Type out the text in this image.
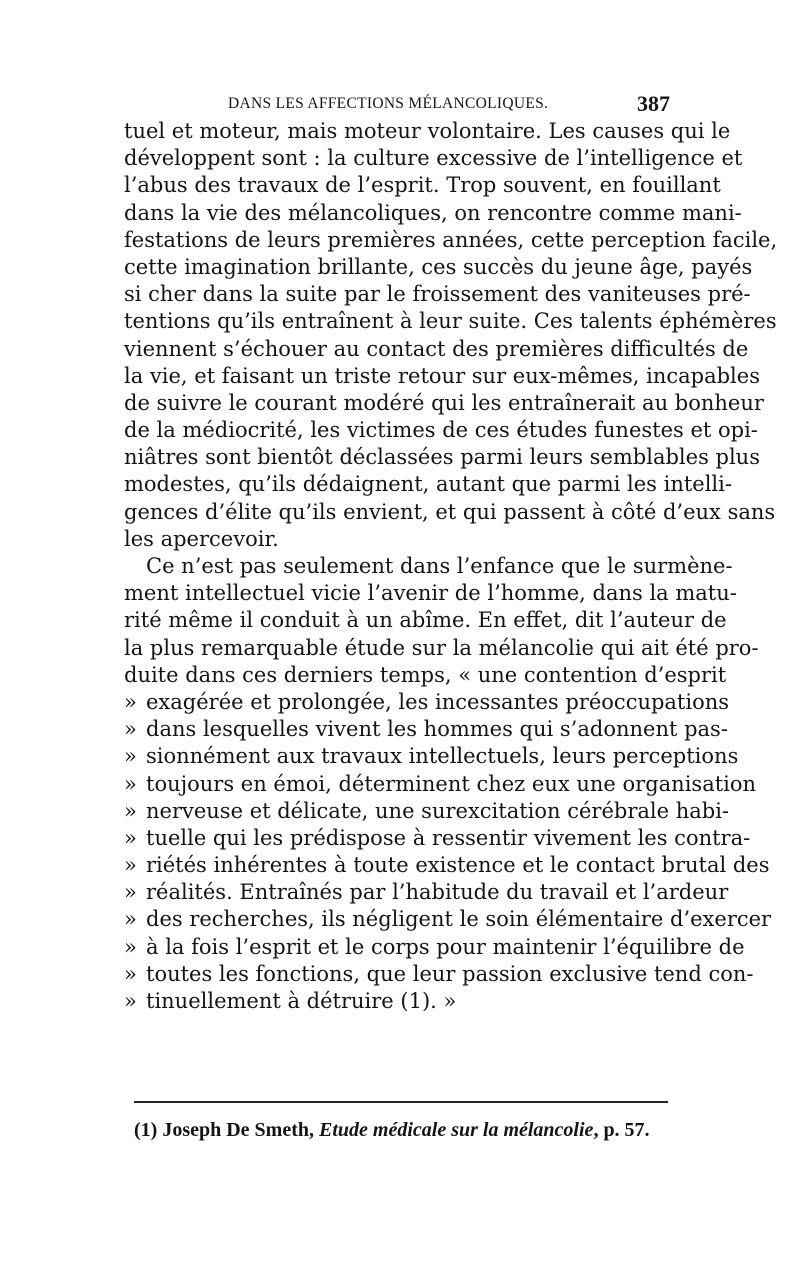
DANS LES AFFECTIONS MÉLANCOLIQUES.	387
tuel et moteur, mais moteur volontaire. Les causes qui le
développent sont : la culture excessive de l’intelligence et
l’abus des travaux de l’esprit. Trop souvent, en fouillant
dans la vie des mélancoliques, on rencontre comme mani-
festations de leurs premières années, cette perception facile,
cette imagination brillante, ces succès du jeune âge, payés
si cher dans la suite par le froissement des vaniteuses pré-
tentions qu’ils entraînent à leur suite. Ces talents éphémères
viennent s’échouer au contact des premières difficultés de
la vie, et faisant un triste retour sur eux-mêmes, incapables
de suivre le courant modéré qui les entraînerait au bonheur
de la médiocrité, les victimes de ces études funestes et opi-
niâtres sont bientôt déclassées parmi leurs semblables plus
modestes, qu’ils dédaignent, autant que parmi les intelli-
gences d’élite qu’ils envient, et qui passent à côté d’eux sans
les apercevoir.
Ce n’est pas seulement dans l’enfance que le surmène-
ment intellectuel vicie l’avenir de l’homme, dans la matu-
rité même il conduit à un abîme. En effet, dit l’auteur de
la plus remarquable étude sur la mélancolie qui ait été pro-
duite dans ces derniers temps, « une contention d’esprit
» exagérée et prolongée, les incessantes préoccupations
» dans lesquelles vivent les hommes qui s’adonnent pas-
» sionnément aux travaux intellectuels, leurs perceptions
» toujours en émoi, déterminent chez eux une organisation
» nerveuse et délicate, une surexcitation cérébrale habi-
» tuelle qui les prédispose à ressentir vivement les contra-
» riétés inhérentes à toute existence et le contact brutal des
» réalités. Entraînés par l’habitude du travail et l’ardeur
» des recherches, ils négligent le soin élémentaire d’exercer
» à la fois l’esprit et le corps pour maintenir l’équilibre de
» toutes les fonctions, que leur passion exclusive tend con-
» tinuellement à détruire (1). »
(1) Joseph De Smeth, Etude médicale sur la mélancolie, p. 57.
